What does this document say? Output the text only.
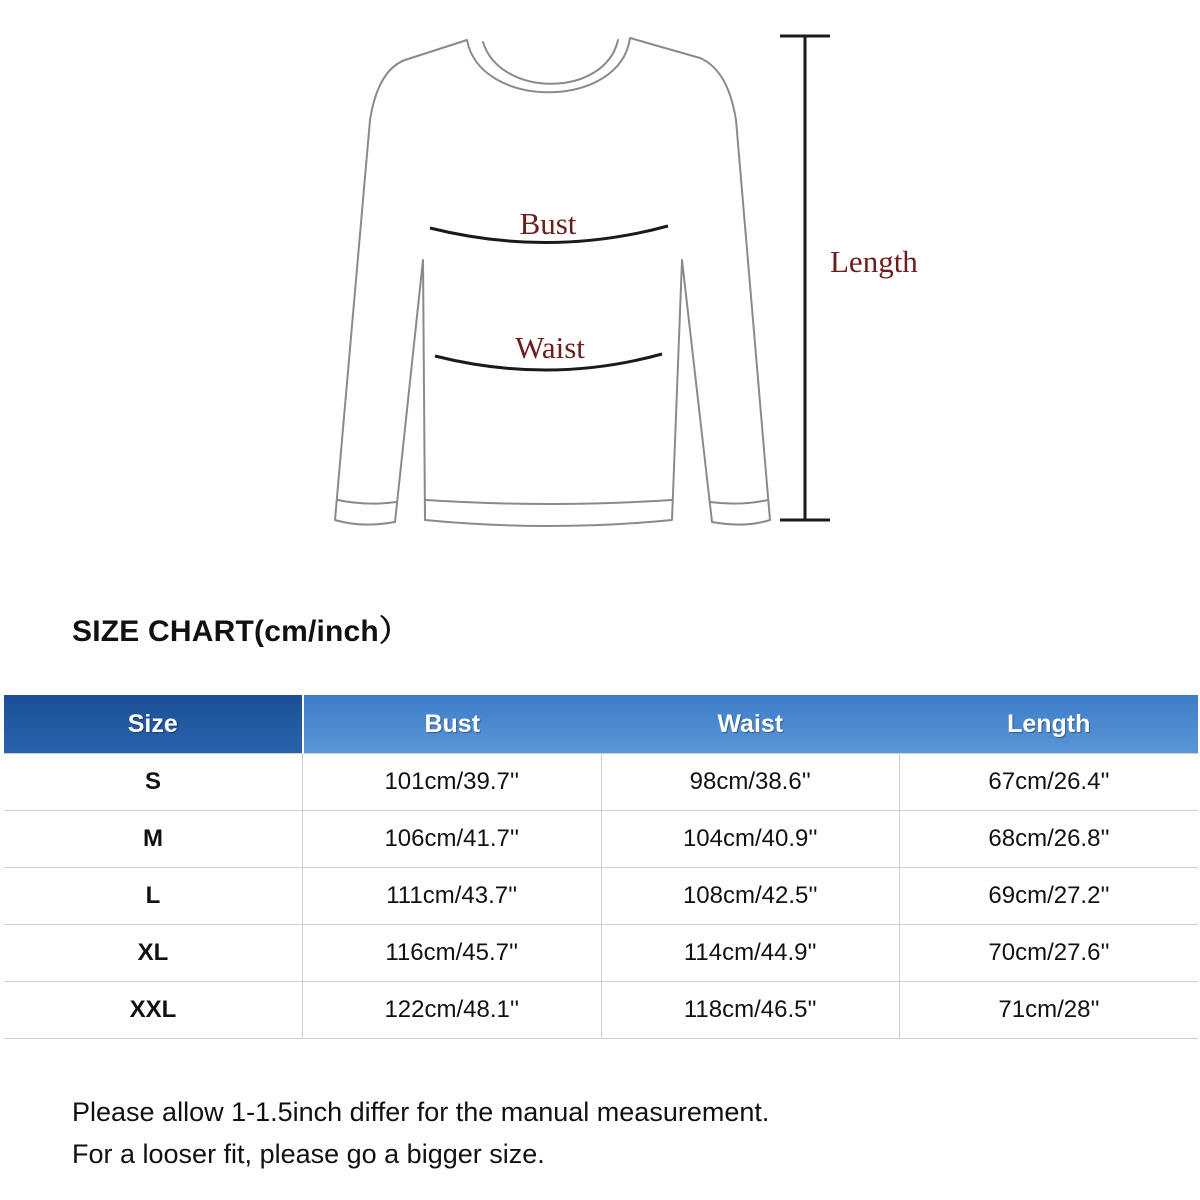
Bust
Waist
Length
SIZE CHART(cm/inch）
Size	Bust	Waist	Length
S	101cm/39.7''	98cm/38.6''	67cm/26.4''
M	106cm/41.7''	104cm/40.9''	68cm/26.8''
L	111cm/43.7''	108cm/42.5''	69cm/27.2''
XL	116cm/45.7''	114cm/44.9''	70cm/27.6''
XXL	122cm/48.1''	118cm/46.5''	71cm/28''

Please allow 1-1.5inch differ for the manual measurement.

For a looser fit, please go a bigger size.
